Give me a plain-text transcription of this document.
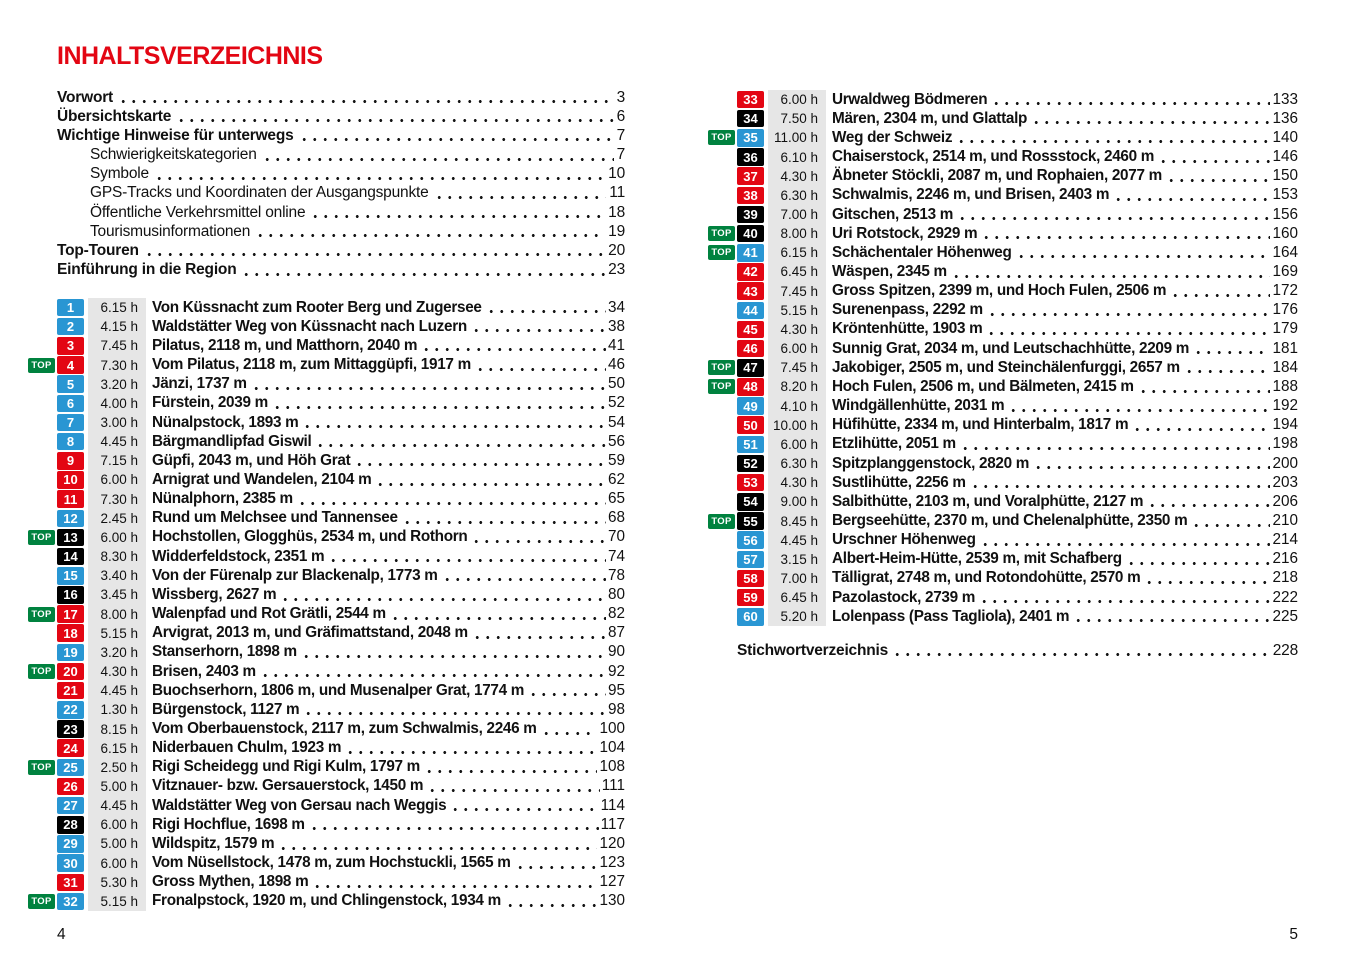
INHALTSVERZEICHNIS
Vorwort	3
Übersichtskarte	6
Wichtige Hinweise für unterwegs	7
Schwierigkeitskategorien	7
Symbole	10
GPS-Tracks und Koordinaten der Ausgangspunkte	11
Öffentliche Verkehrsmittel online	18
Tourismusinformationen	19
Top-Touren	20
Einführung in die Region	23
1	6.15 h Von Küssnacht zum Rooter Berg und Zugersee	34
2	4.15 h Waldstätter Weg von Küssnacht nach Luzern	38
3	7.45 h Pilatus, 2118 m, und Matthorn, 2040 m	41
TOP	4	7.30 h Vom Pilatus, 2118 m, zum Mittaggüpfi, 1917 m	46
5	3.20 h Jänzi, 1737 m	50
6	4.00 h Fürstein, 2039 m	52
7	3.00 h Nünalpstock, 1893 m	54
8	4.45 h Bärgmandlipfad Giswil	56
9	7.15 h Güpfi, 2043 m, und Höh Grat	59
10	6.00 h Arnigrat und Wandelen, 2104 m	62
11	7.30 h Nünalphorn, 2385 m	65
12	2.45 h Rund um Melchsee und Tannensee	68
TOP 13	6.00 h Hochstollen, Glogghüs, 2534 m, und Rothorn	70
14	8.30 h Widderfeldstock, 2351 m	74
15	3.40 h Von der Fürenalp zur Blackenalp, 1773 m	78
16	3.45 h Wissberg, 2627 m	80
TOP 17	8.00 h Walenpfad und Rot Grätli, 2544 m	82
18	5.15 h Arvigrat, 2013 m, und Gräfimattstand, 2048 m	87
19	3.20 h Stanserhorn, 1898 m	90
TOP 20	4.30 h Brisen, 2403 m	92
21	4.45 h Buochserhorn, 1806 m, und Musenalper Grat, 1774 m	95
22	1.30 h Bürgenstock, 1127 m	98
23	8.15 h Vom Oberbauenstock, 2117 m, zum Schwalmis, 2246 m	100
24	6.15 h Niderbauen Chulm, 1923 m	104
TOP 25	2.50 h Rigi Scheidegg und Rigi Kulm, 1797 m	108
26	5.00 h Vitznauer- bzw. Gersauerstock, 1450 m	111
27	4.45 h Waldstätter Weg von Gersau nach Weggis	114
28	6.00 h Rigi Hochflue, 1698 m	117
29	5.00 h Wildspitz, 1579 m	120
30	6.00 h Vom Nüsellstock, 1478 m, zum Hochstuckli, 1565 m	123
31	5.30 h Gross Mythen, 1898 m	127
TOP 32	5.15 h Fronalpstock, 1920 m, und Chlingenstock, 1934 m	130
33	6.00 h Urwaldweg Bödmeren	133
34	7.50 h Mären, 2304 m, und Glattalp	136
TOP 35	11.00 h Weg der Schweiz	140
36	6.10 h Chaiserstock, 2514 m, und Rossstock, 2460 m	146
37	4.30 h Äbneter Stöckli, 2087 m, und Rophaien, 2077 m	150
38	6.30 h Schwalmis, 2246 m, und Brisen, 2403 m	153
39	7.00 h Gitschen, 2513 m	156
TOP 40	8.00 h Uri Rotstock, 2929 m	160
TOP 41	6.15 h Schächentaler Höhenweg	164
42	6.45 h Wäspen, 2345 m	169
43	7.45 h Gross Spitzen, 2399 m, und Hoch Fulen, 2506 m	172
44	5.15 h Surenenpass, 2292 m	176
45	4.30 h Kröntenhütte, 1903 m	179
46	6.00 h Sunnig Grat, 2034 m, und Leutschachhütte, 2209 m	181
TOP 47	7.45 h Jakobiger, 2505 m, und Steinchälenfurggi, 2657 m	184
TOP 48	8.20 h Hoch Fulen, 2506 m, und Bälmeten, 2415 m	188
49	4.10 h Windgällenhütte, 2031 m	192
50	10.00 h Hüfihütte, 2334 m, und Hinterbalm, 1817 m	194
51	6.00 h Etzlihütte, 2051 m	198
52	6.30 h Spitzplanggenstock, 2820 m	200
53	4.30 h Sustlihütte, 2256 m	203
54	9.00 h Salbithütte, 2103 m, und Voralphütte, 2127 m	206
TOP 55	8.45 h Bergseehütte, 2370 m, und Chelenalphütte, 2350 m	210
56	4.45 h Urschner Höhenweg	214
57	3.15 h Albert-Heim-Hütte, 2539 m, mit Schafberg	216
58	7.00 h Tälligrat, 2748 m, und Rotondohütte, 2570 m	218
59	6.45 h Pazolastock, 2739 m	222
60	5.20 h Lolenpass (Pass Tagliola), 2401 m	225
Stichwortverzeichnis	228
4	5
